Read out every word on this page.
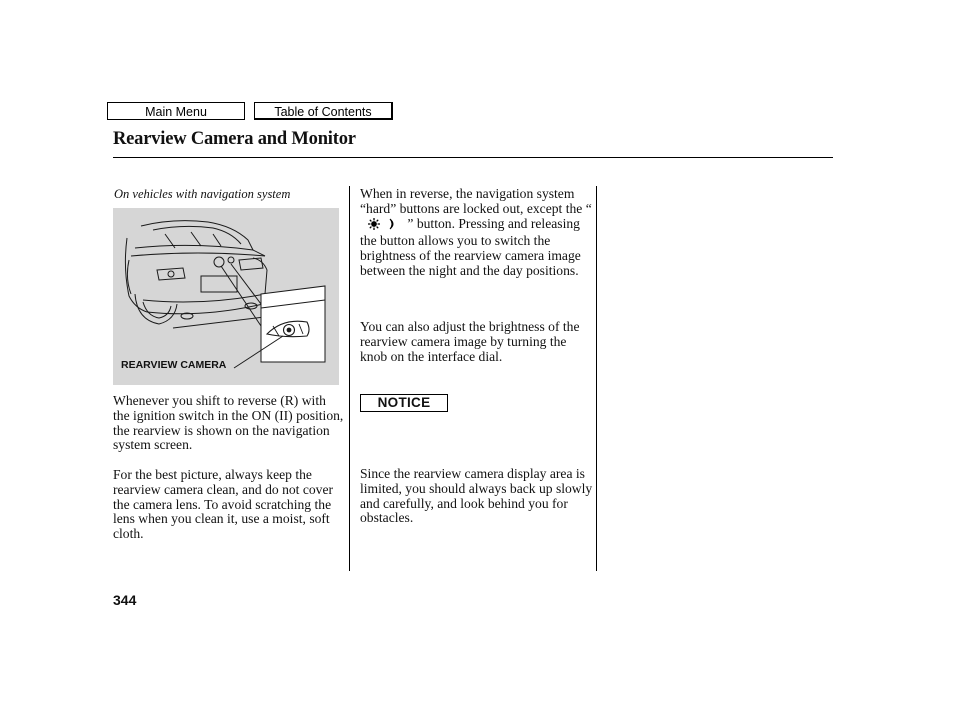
Main Menu	Table of Contents
Rearview Camera and Monitor
On vehicles with navigation system
REARVIEW CAMERA
Whenever you shift to reverse (R) with the ignition switch in the ON (II) position, the rearview is shown on the navigation system screen.
For the best picture, always keep the rearview camera clean, and do not cover the camera lens. To avoid scratching the lens when you clean it, use a moist, soft cloth.
When in reverse, the navigation system “hard” buttons are locked out, except the “  ” button. Pressing and releasing the button allows you to switch the brightness of the rearview camera image between the night and the day positions.
You can also adjust the brightness of the rearview camera image by turning the knob on the interface dial.
NOTICE
Since the rearview camera display area is limited, you should always back up slowly and carefully, and look behind you for obstacles.
344
